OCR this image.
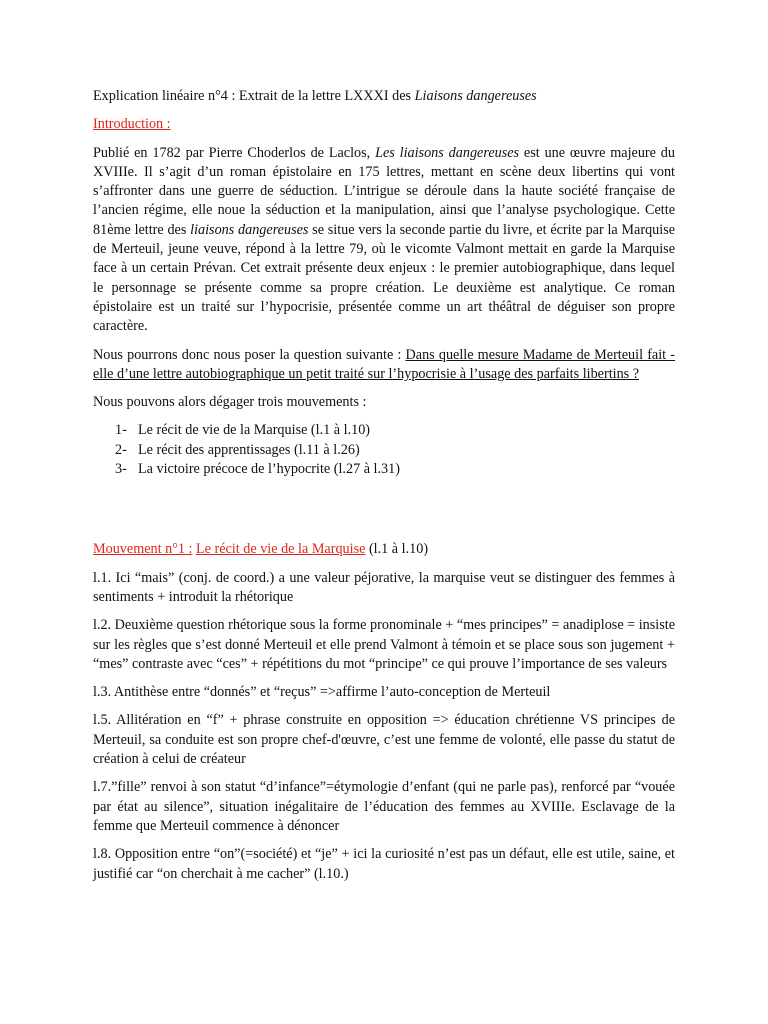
Explication linéaire n°4 : Extrait de la lettre LXXXI des Liaisons dangereuses

Introduction :

Publié en 1782 par Pierre Choderlos de Laclos, Les liaisons dangereuses est une œuvre majeure du XVIIIe. Il s’agit d’un roman épistolaire en 175 lettres, mettant en scène deux libertins qui vont s’affronter dans une guerre de séduction. L’intrigue se déroule dans la haute société française de l’ancien régime, elle noue la séduction et la manipulation, ainsi que l’analyse psychologique. Cette 81ème lettre des liaisons dangereuses se situe vers la seconde partie du livre, et écrite par la Marquise de Merteuil, jeune veuve, répond à la lettre 79, où le vicomte Valmont mettait en garde la Marquise face à un certain Prévan. Cet extrait présente deux enjeux : le premier autobiographique, dans lequel le personnage se présente comme sa propre création. Le deuxième est analytique. Ce roman épistolaire est un traité sur l’hypocrisie, présentée comme un art théâtral de déguiser son propre caractère.

Nous pourrons donc nous poser la question suivante : Dans quelle mesure Madame de Merteuil fait - elle d’une lettre autobiographique un petit traité sur l’hypocrisie à l’usage des parfaits libertins ?

Nous pouvons alors dégager trois mouvements :

1- Le récit de vie de la Marquise (l.1 à l.10)
2- Le récit des apprentissages (l.11 à l.26)
3- La victoire précoce de l’hypocrite (l.27 à l.31)

Mouvement n°1 : Le récit de vie de la Marquise (l.1 à l.10)

l.1. Ici “mais” (conj. de coord.) a une valeur péjorative, la marquise veut se distinguer des femmes à sentiments + introduit la rhétorique

l.2. Deuxième question rhétorique sous la forme pronominale + “mes principes” = anadiplose = insiste sur les règles que s’est donné Merteuil et elle prend Valmont à témoin et se place sous son jugement + “mes” contraste avec “ces” + répétitions du mot “principe” ce qui prouve l’importance de ses valeurs

l.3. Antithèse entre “donnés” et “reçus” =>affirme l’auto-conception de Merteuil

l.5. Allitération en “f” + phrase construite en opposition => éducation chrétienne VS principes de Merteuil, sa conduite est son propre chef-d'œuvre, c’est une femme de volonté, elle passe du statut de création à celui de créateur

l.7.”fille” renvoi à son statut “d’infance”=étymologie d’enfant (qui ne parle pas), renforcé par “vouée par état au silence”, situation inégalitaire de l’éducation des femmes au XVIIIe. Esclavage de la femme que Merteuil commence à dénoncer

l.8. Opposition entre “on”(=société) et “je” + ici la curiosité n’est pas un défaut, elle est utile, saine, et justifié car “on cherchait à me cacher” (l.10.)
